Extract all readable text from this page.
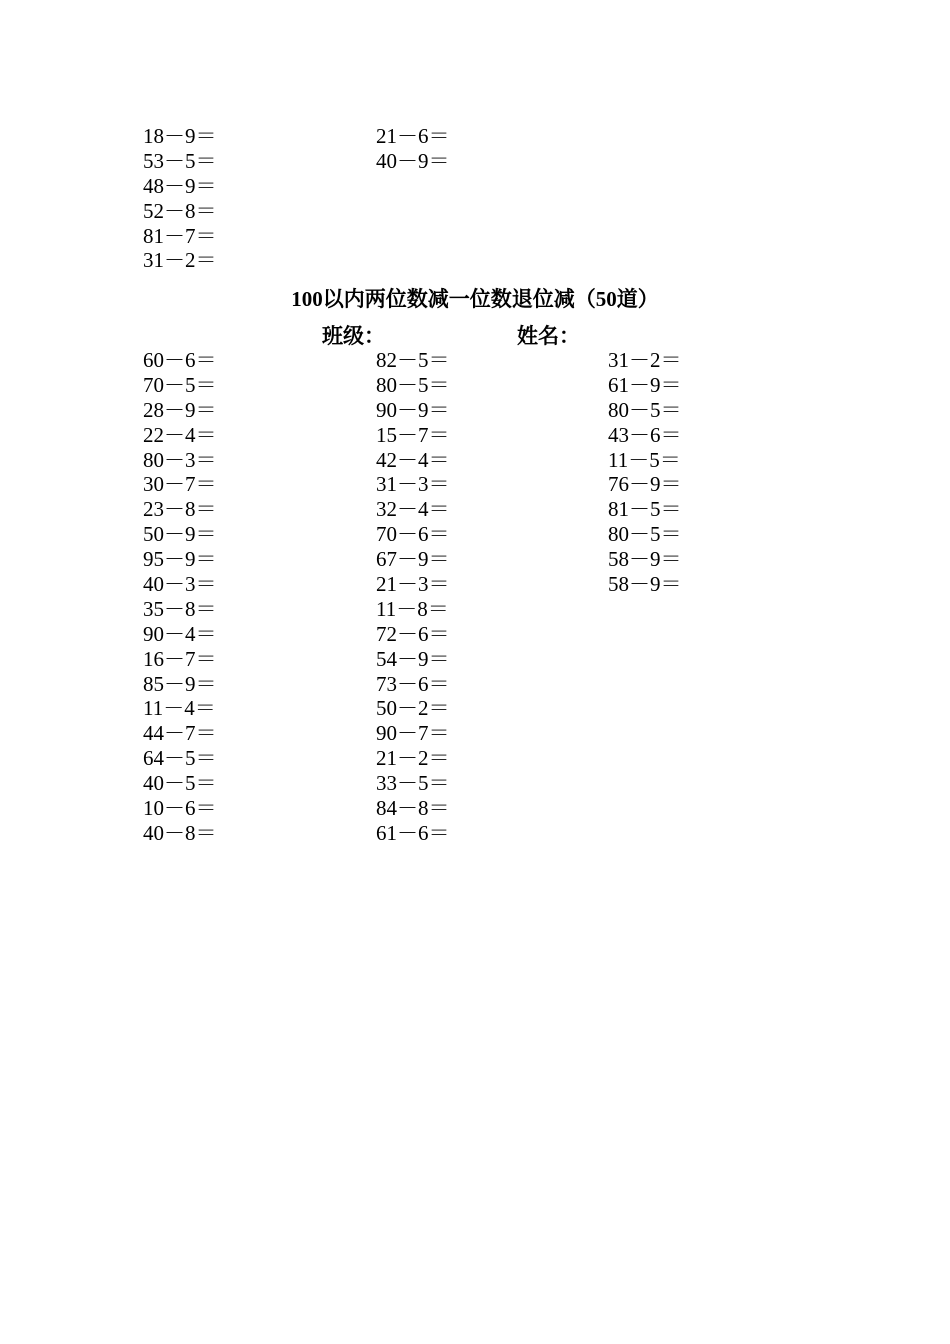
18－9＝
53－5＝
48－9＝
52－8＝
81－7＝
31－2＝
21－6＝
40－9＝
100以内两位数减一位数退位减（50道）
班级：	姓名：
60－6＝
70－5＝
28－9＝
22－4＝
80－3＝
30－7＝
23－8＝
50－9＝
95－9＝
40－3＝
35－8＝
90－4＝
16－7＝
85－9＝
11－4＝
44－7＝
64－5＝
40－5＝
10－6＝
40－8＝
82－5＝
80－5＝
90－9＝
15－7＝
42－4＝
31－3＝
32－4＝
70－6＝
67－9＝
21－3＝
11－8＝
72－6＝
54－9＝
73－6＝
50－2＝
90－7＝
21－2＝
33－5＝
84－8＝
61－6＝
31－2＝
61－9＝
80－5＝
43－6＝
11－5＝
76－9＝
81－5＝
80－5＝
58－9＝
58－9＝
